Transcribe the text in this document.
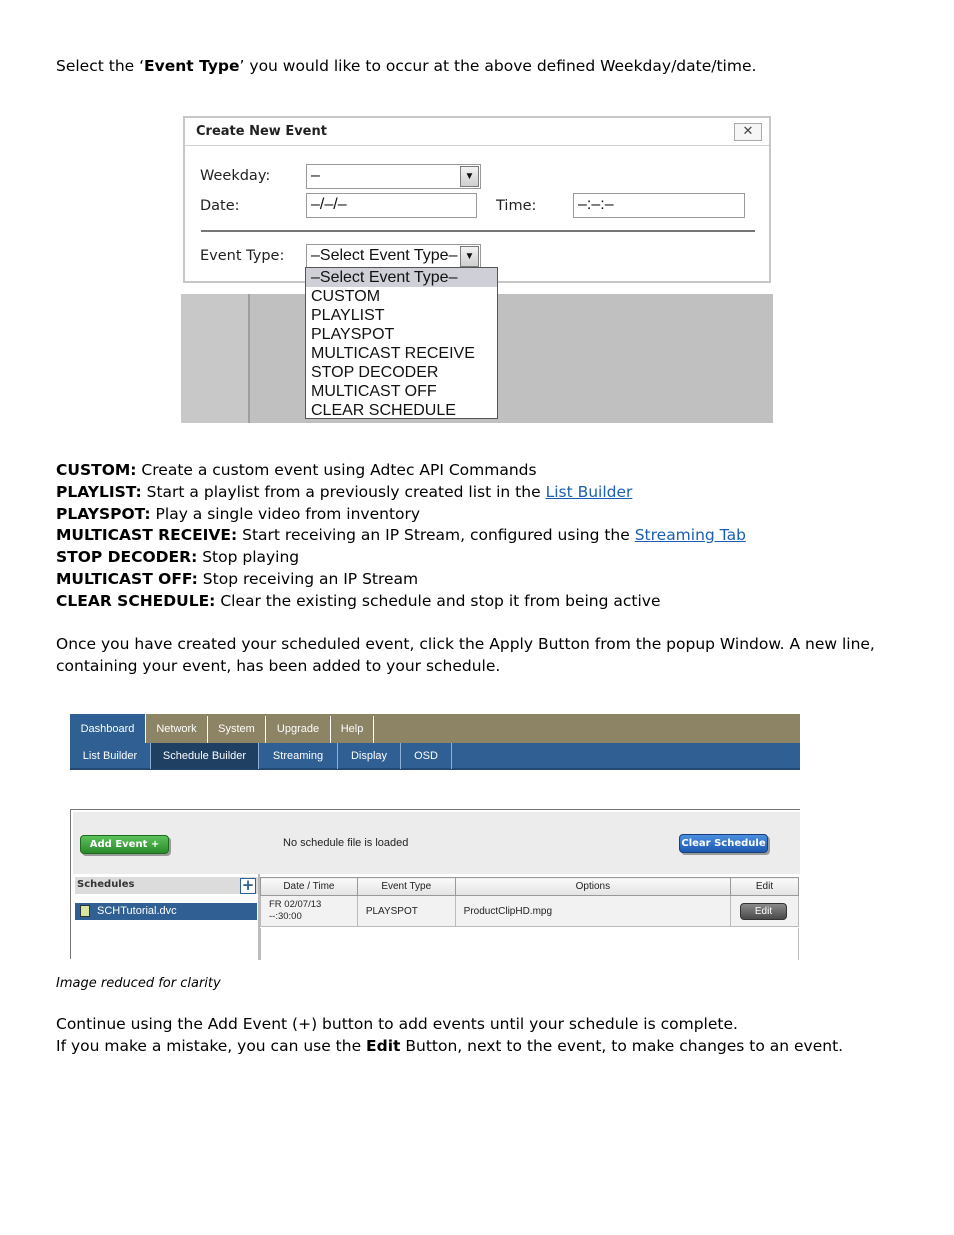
Select the ‘Event Type’ you would like to occur at the above defined Weekday/date/time.
Create New Event	✕
Weekday:	–	▼
Date:	–/–/–	Time:	–:–:–
Event Type:	–Select Event Type– ▼
–Select Event Type–
CUSTOM
PLAYLIST
PLAYSPOT
MULTICAST RECEIVE
STOP DECODER
MULTICAST OFF
CLEAR SCHEDULE
CUSTOM: Create a custom event using Adtec API Commands
PLAYLIST: Start a playlist from a previously created list in the List Builder
PLAYSPOT: Play a single video from inventory
MULTICAST RECEIVE: Start receiving an IP Stream, configured using the Streaming Tab
STOP DECODER: Stop playing
MULTICAST OFF: Stop receiving an IP Stream
CLEAR SCHEDULE: Clear the existing schedule and stop it from being active
Once you have created your scheduled event, click the Apply Button from the popup Window. A new line,
containing your event, has been added to your schedule.
Dashboard	Network	System	Upgrade	Help
List Builder	Schedule Builder	Streaming	Display	OSD
Add Event +	No schedule file is loaded	Clear Schedule
Schedules	+
SCHTutorial.dvc
Date / Time	Event Type	Options	Edit

FR 02/07/13
--:30:00	PLAYSPOT	ProductClipHD.mpg	Edit
Image reduced for clarity
Continue using the Add Event (+) button to add events until your schedule is complete.
If you make a mistake, you can use the Edit Button, next to the event, to make changes to an event.
